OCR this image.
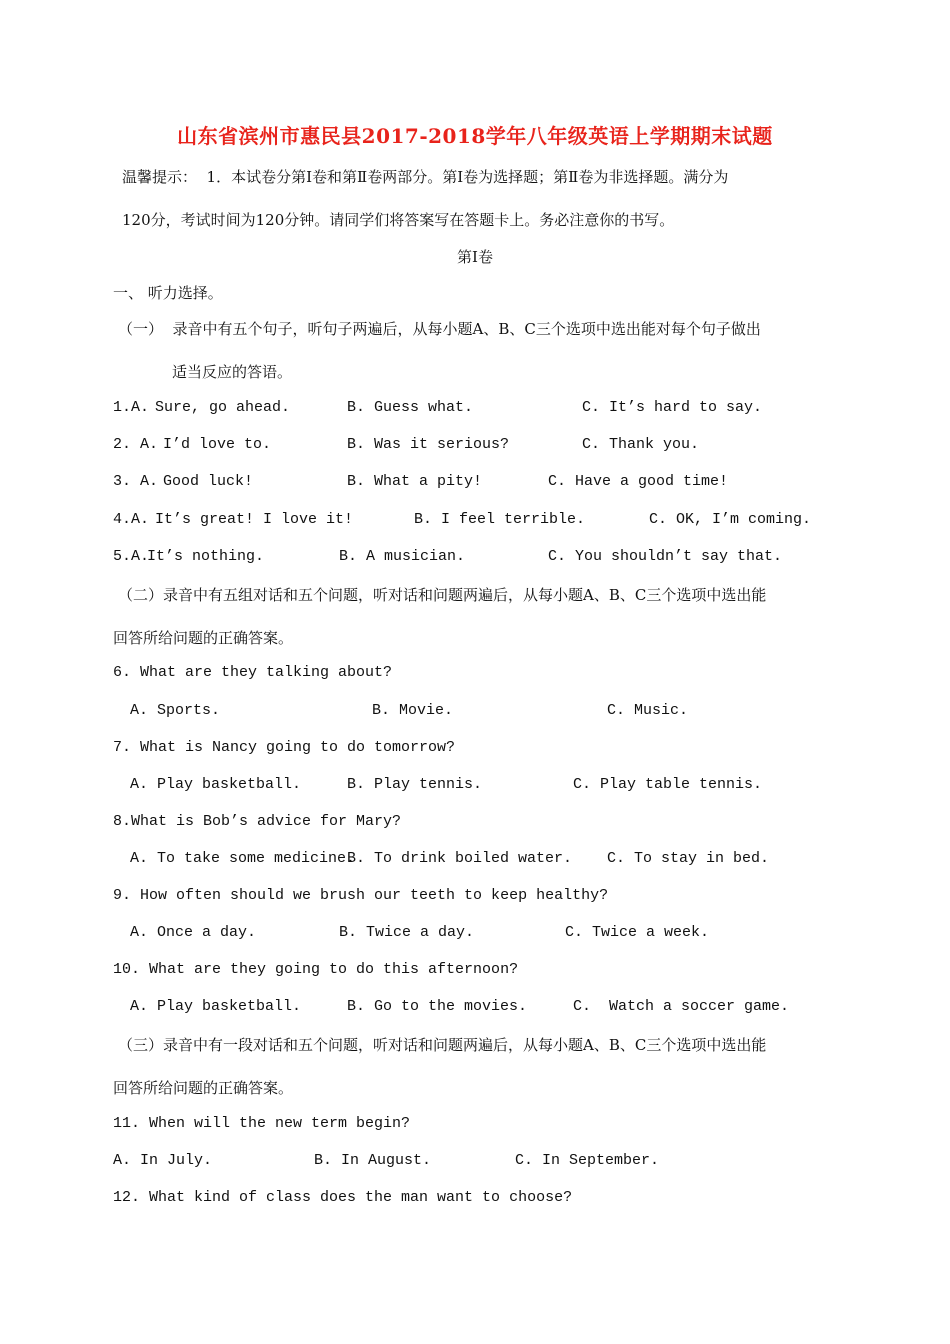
山东省滨州市惠民县2017-2018学年八年级英语上学期期末试题
温馨提示：  1．本试卷分第Ⅰ卷和第Ⅱ卷两部分。第Ⅰ卷为选择题；第Ⅱ卷为非选择题。满分为
120分，考试时间为120分钟。请同学们将答案写在答题卡上。务必注意你的书写。
第Ⅰ卷
一、 听力选择。
（一）  录音中有五个句子，听句子两遍后，从每小题A、B、C三个选项中选出能对每个句子做出
适当反应的答语。
1.A. Sure, go ahead.	B. Guess what.	C. It’s hard to say.
2. A. I’d love to.	B. Was it serious?	C. Thank you.
3. A. Good luck!	B. What a pity!	C. Have a good time!
4.A. It’s great! I love it!	B. I feel terrible.	C. OK, I’m coming.
5.A.
It’s nothing.	B. A musician.	C. You shouldn’t say that.
（二）录音中有五组对话和五个问题，听对话和问题两遍后，从每小题A、B、C三个选项中选出能
回答所给问题的正确答案。
6. What are they talking about?
A. Sports.	B. Movie.	C. Music.
7. What is Nancy going to do tomorrow?
A. Play basketball.	B. Play tennis.	C. Play table tennis.
8.What is Bob’s advice for Mary?
A. To take some medicine.
B. To drink boiled water. C. To stay in bed.
9. How often should we brush our teeth to keep healthy?
A. Once a day.	B. Twice a day.	C. Twice a week.
10. What are they going to do this afternoon?
A. Play basketball.	B. Go to the movies.	C.  Watch a soccer game.
（三）录音中有一段对话和五个问题，听对话和问题两遍后，从每小题A、B、C三个选项中选出能
回答所给问题的正确答案。
11. When will the new term begin?
A. In July.	B. In August.	C. In September.
12. What kind of class does the man want to choose?
